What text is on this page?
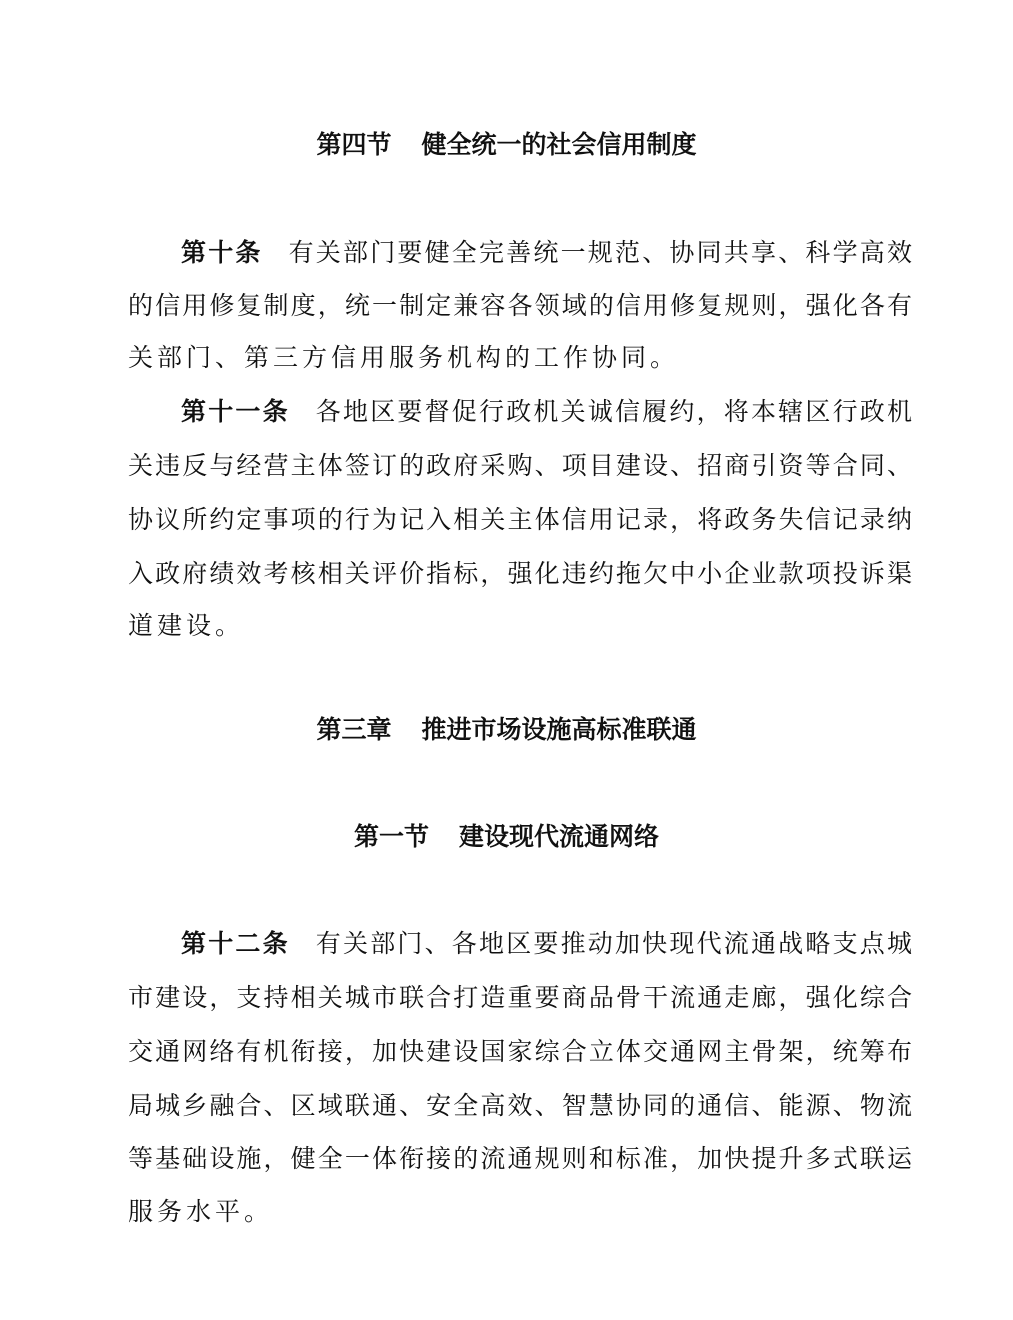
第四节 健全统一的社会信用制度
第十条 有关部门要健全完善统一规范、协同共享、科学高效
的信用修复制度，统一制定兼容各领域的信用修复规则，强化各有
关部门、第三方信用服务机构的工作协同。
第十一条 各地区要督促行政机关诚信履约，将本辖区行政机
关违反与经营主体签订的政府采购、项目建设、招商引资等合同、
协议所约定事项的行为记入相关主体信用记录，将政务失信记录纳
入政府绩效考核相关评价指标，强化违约拖欠中小企业款项投诉渠
道建设。
第三章 推进市场设施高标准联通
第一节 建设现代流通网络
第十二条 有关部门、各地区要推动加快现代流通战略支点城
市建设，支持相关城市联合打造重要商品骨干流通走廊，强化综合
交通网络有机衔接，加快建设国家综合立体交通网主骨架，统筹布
局城乡融合、区域联通、安全高效、智慧协同的通信、能源、物流
等基础设施，健全一体衔接的流通规则和标准，加快提升多式联运
服务水平。
